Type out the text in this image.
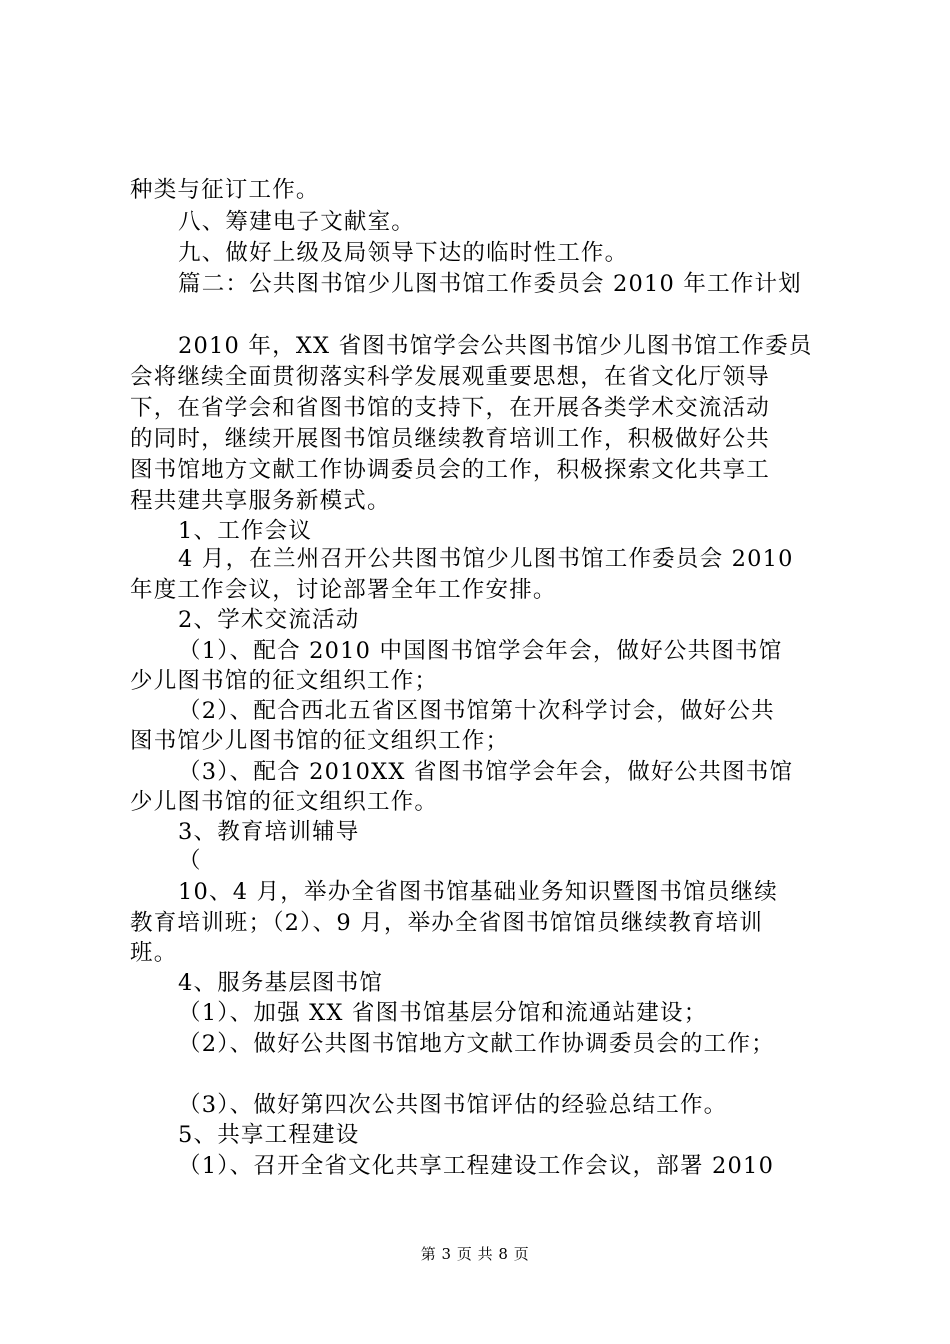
种类与征订工作。
八、筹建电子文献室。
九、做好上级及局领导下达的临时性工作。
篇二：公共图书馆少儿图书馆工作委员会 2010 年工作计划
2010 年，XX 省图书馆学会公共图书馆少儿图书馆工作委员
会将继续全面贯彻落实科学发展观重要思想，在省文化厅领导
下，在省学会和省图书馆的支持下，在开展各类学术交流活动
的同时，继续开展图书馆员继续教育培训工作，积极做好公共
图书馆地方文献工作协调委员会的工作，积极探索文化共享工
程共建共享服务新模式。
1、工作会议
4 月，在兰州召开公共图书馆少儿图书馆工作委员会 2010
年度工作会议，讨论部署全年工作安排。
2、学术交流活动
（1）、配合 2010 中国图书馆学会年会，做好公共图书馆
少儿图书馆的征文组织工作；
（2）、配合西北五省区图书馆第十次科学讨会，做好公共
图书馆少儿图书馆的征文组织工作；
（3）、配合 2010XX 省图书馆学会年会，做好公共图书馆
少儿图书馆的征文组织工作。
3、教育培训辅导
（
10、4 月，举办全省图书馆基础业务知识暨图书馆员继续
教育培训班；（2）、9 月，举办全省图书馆馆员继续教育培训
班。
4、服务基层图书馆
（1）、加强 XX 省图书馆基层分馆和流通站建设；
（2）、做好公共图书馆地方文献工作协调委员会的工作；
（3）、做好第四次公共图书馆评估的经验总结工作。
5、共享工程建设
（1）、召开全省文化共享工程建设工作会议，部署 2010
第 3 页 共 8 页
